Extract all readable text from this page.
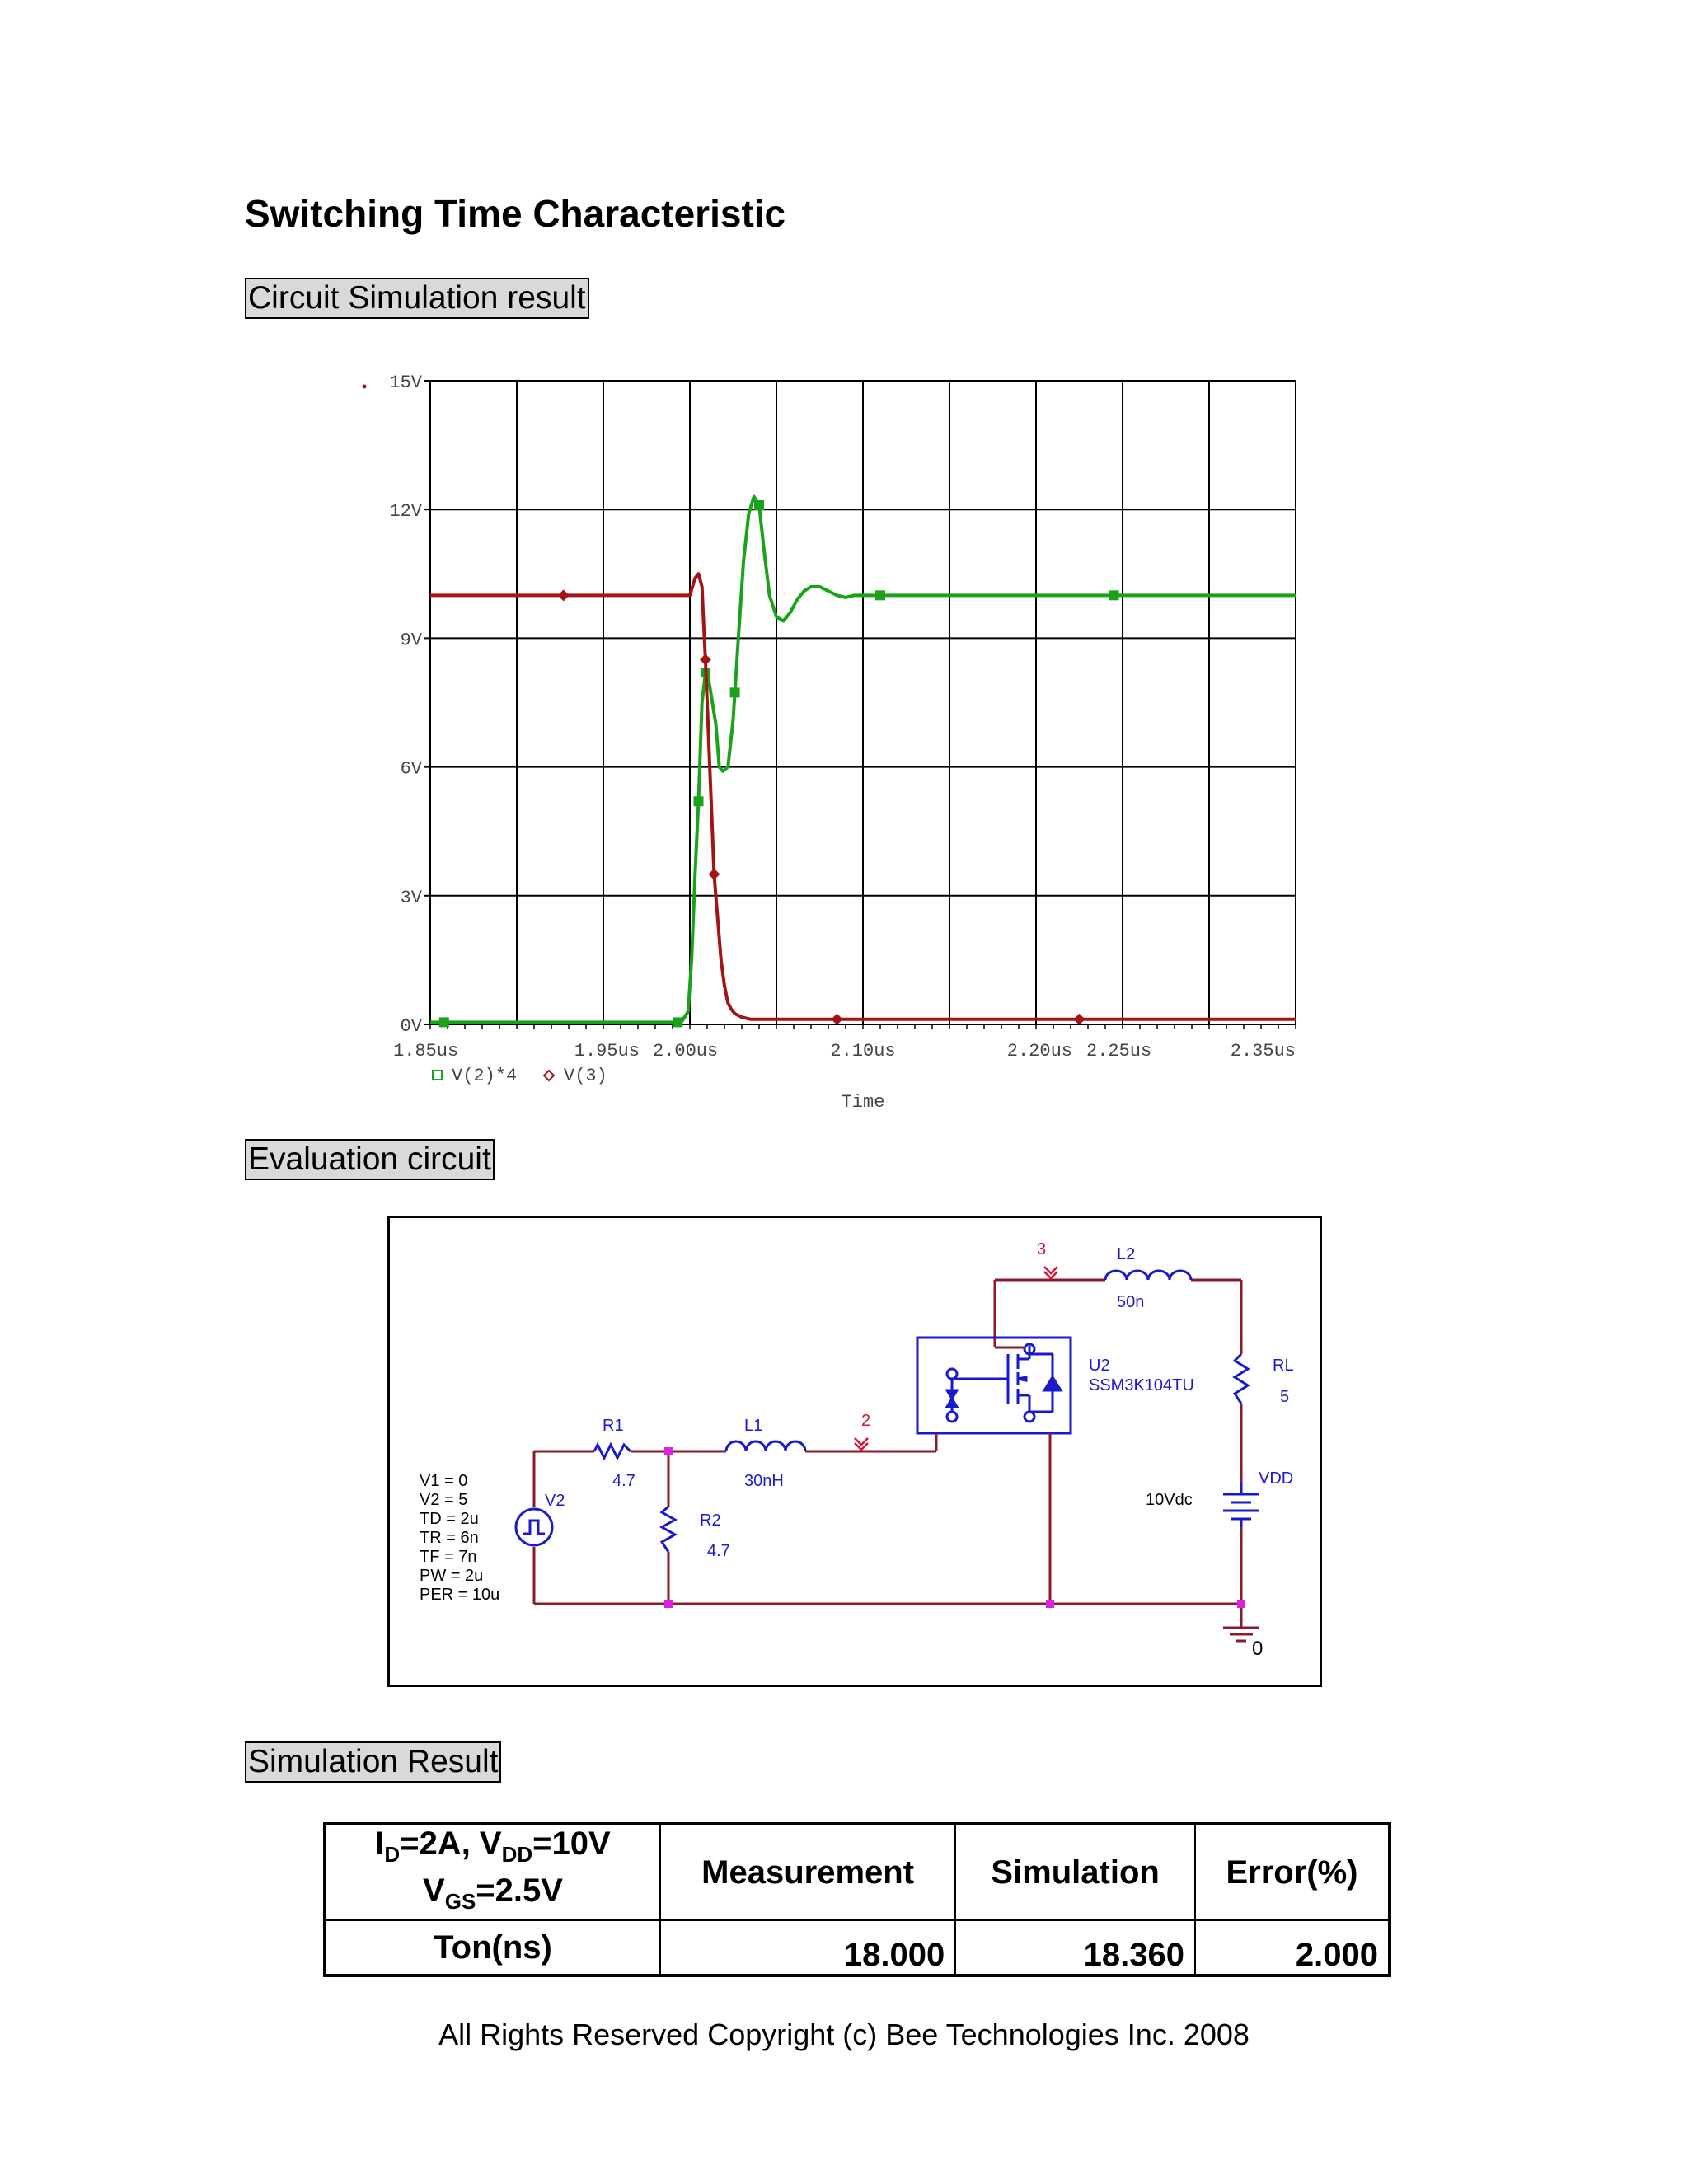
Switching Time Characteristic
Circuit Simulation result
15V
12V
9V
6V
3V
0V
1.85us	1.95us 2.00us	2.10us	2.20us 2.25us	2.35us
Time
V(2)*4	V(3)
Evaluation circuit
3
2
L2
50n
U2
SSM3K104TU
RL
5
R1
4.7
L1
30nH
R2
4.7
V2
VDD
10Vdc
0
V1 = 0
V2 = 5
TD = 2u
TR = 6n
TF = 7n
PW = 2u
PER = 10u
Simulation Result
$I_D=2A$, $V_{DD}=10V$
$V_{GS}=2.5V$	Measurement	Simulation	Error(%)
Ton(ns)	18.000	18.360	2.000
All Rights Reserved Copyright (c) Bee Technologies Inc. 2008
